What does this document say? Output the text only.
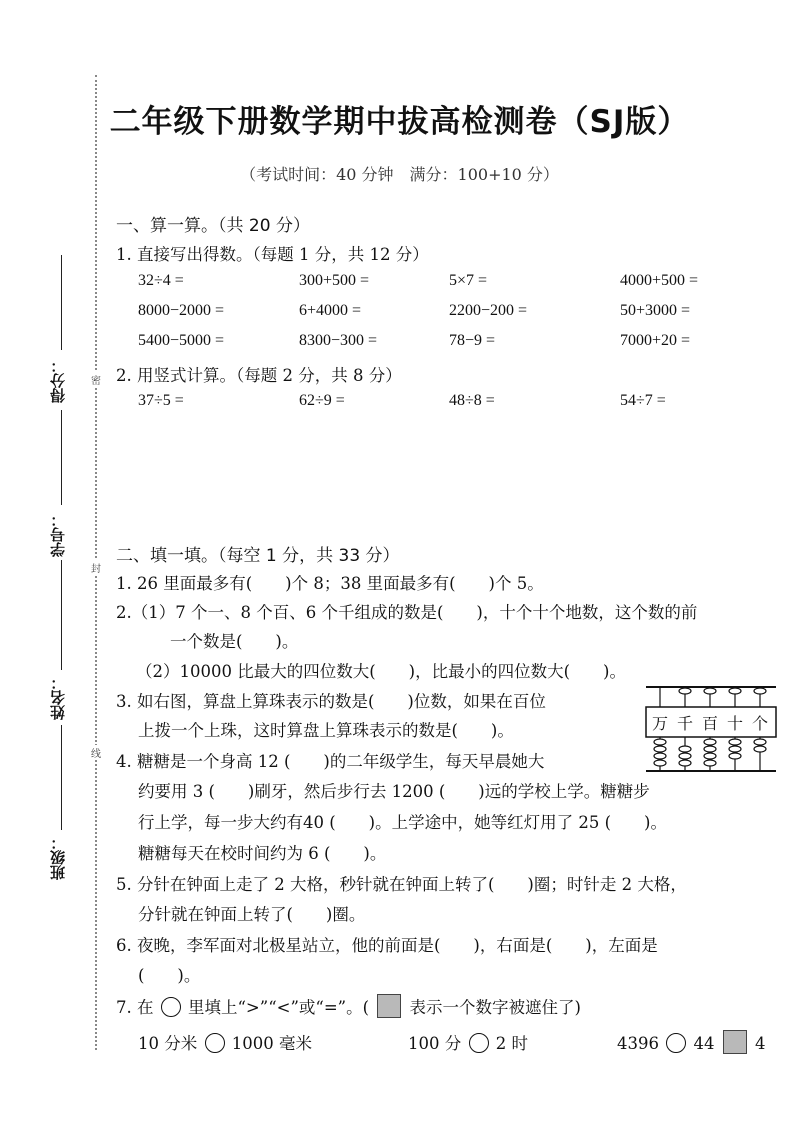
密
封
线
得分：
学号：
姓名：
班级：
二年级下册数学期中拔高检测卷（SJ版）
（考试时间：40 分钟　满分：100+10 分）
一、算一算。（共 20 分）
1. 直接写出得数。（每题 1 分，共 12 分）
32÷4 =	300+500 =	5×7 =	4000+500 =
8000−2000 =	6+4000 =	2200−200 =	50+3000 =
5400−5000 =	8300−300 =	78−9 =	7000+20 =
2. 用竖式计算。（每题 2 分，共 8 分）
37÷5 =	62÷9 =	48÷8 =	54÷7 =
二、填一填。（每空 1 分，共 33 分）
1. 26 里面最多有(　　)个 8；38 里面最多有(　　)个 5。
2.（1）7 个一、8 个百、6 个千组成的数是(　　)，十个十个地数，这个数的前
一个数是(　　)。
（2）10000 比最大的四位数大(　　)，比最小的四位数大(　　)。
3. 如右图，算盘上算珠表示的数是(　　)位数，如果在百位
上拨一个上珠，这时算盘上算珠表示的数是(　　)。
4. 糖糖是一个身高 12 (　　)的二年级学生，每天早晨她大
约要用 3 (　　)刷牙，然后步行去 1200 (　　)远的学校上学。糖糖步
行上学，每一步大约有40 (　　)。上学途中，她等红灯用了 25 (　　)。
糖糖每天在校时间约为 6 (　　)。
5. 分针在钟面上走了 2 大格，秒针就在钟面上转了(　　)圈；时针走 2 大格，
分针就在钟面上转了(　　)圈。
6. 夜晚，李军面对北极星站立，他的前面是(　　)，右面是(　　)，左面是
(　　)。
7. 在 里填上“>”“<”或“=”。( 表示一个数字被遮住了)
10 分米 1000 毫米	100 分 2 时	4396 44 4
万 千 百 十 个
